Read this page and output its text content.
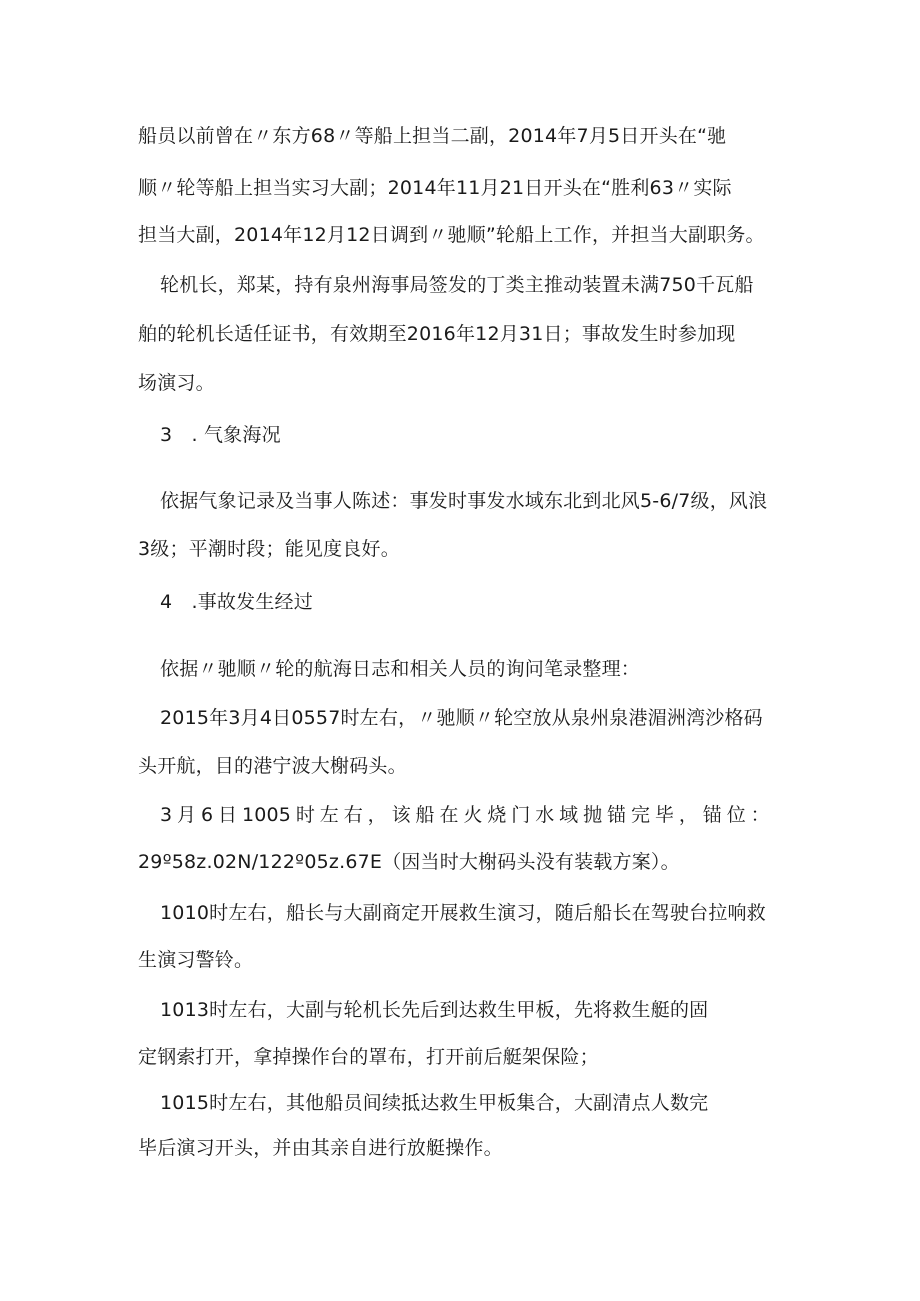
船员以前曾在〃东方68〃等船上担当二副，2014年7月5日开头在“驰
顺〃轮等船上担当实习大副；2014年11月21日开头在“胜利63〃实际
担当大副，2014年12月12日调到〃驰顺”轮船上工作，并担当大副职务。
轮机长，郑某，持有泉州海事局签发的丁类主推动装置未满750千瓦船
舶的轮机长适任证书，有效期至2016年12月31日；事故发生时参加现
场演习。
3　. 气象海况
依据气象记录及当事人陈述：事发时事发水域东北到北风5-6/7级，风浪
3级；平潮时段；能见度良好。
4　.事故发生经过
依据〃驰顺〃轮的航海日志和相关人员的询问笔录整理：
2015年3月4日0557时左右，〃驰顺〃轮空放从泉州泉港湄洲湾沙格码
头开航，目的港宁波大榭码头。
3 月 6 日 1005 时 左 右 ， 该 船 在 火 烧 门 水 域 抛 锚 完 毕 ， 锚 位 ：
29º58z.02N∕122º05z.67E（因当时大榭码头没有装载方案）。
1010时左右，船长与大副商定开展救生演习，随后船长在驾驶台拉响救
生演习警铃。
1013时左右，大副与轮机长先后到达救生甲板，先将救生艇的固
定钢索打开，拿掉操作台的罩布，打开前后艇架保险；
1015时左右，其他船员间续抵达救生甲板集合，大副清点人数完
毕后演习开头，并由其亲自进行放艇操作。
